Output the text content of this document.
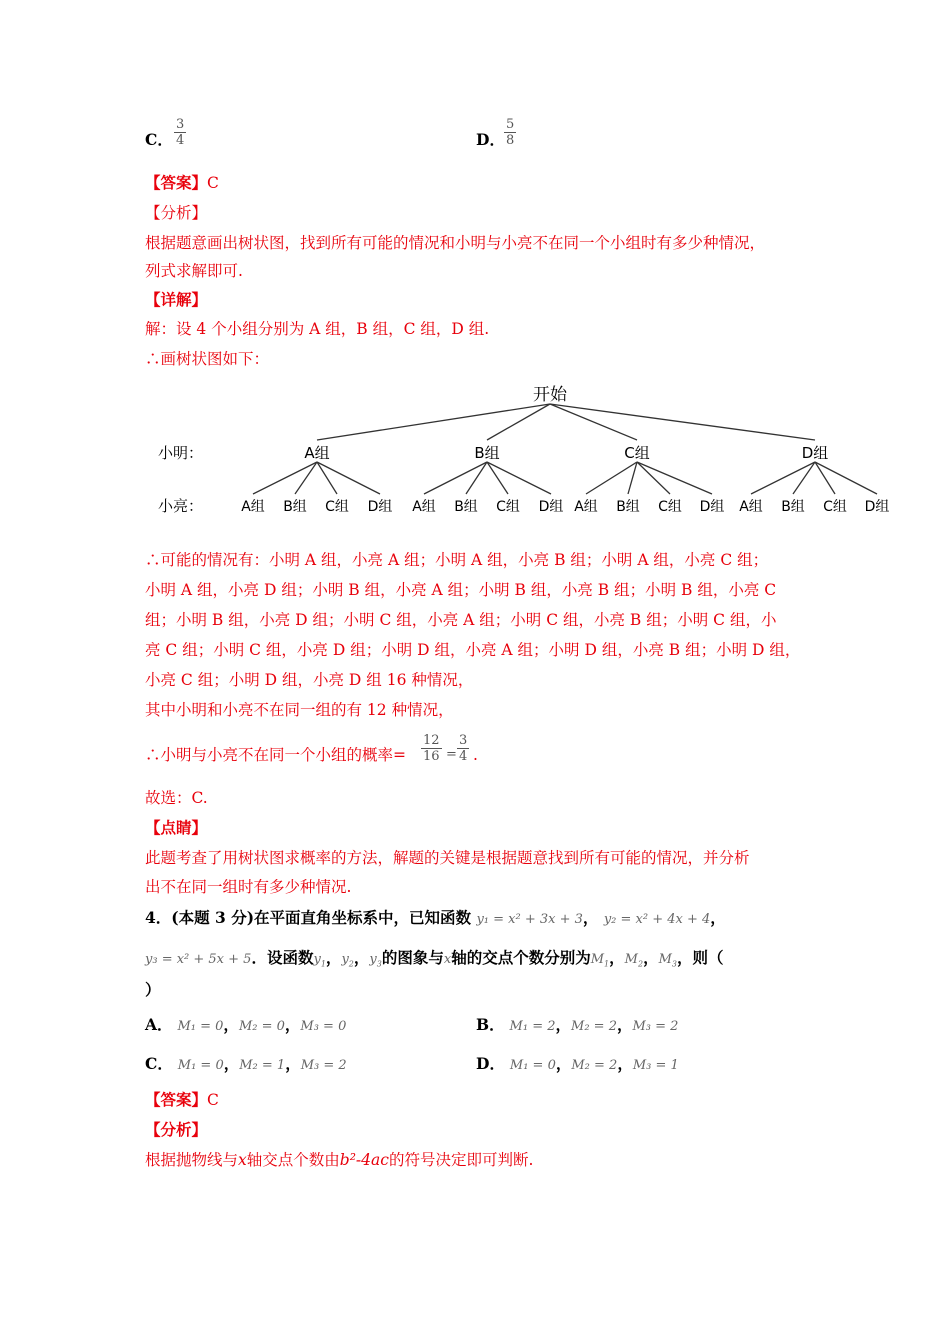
C． $\frac{3}{4}$	D． $\frac{5}{8}$
【答案】C
【分析】
根据题意画出树状图，找到所有可能的情况和小明与小亮不在同一个小组时有多少种情况，
列式求解即可.
【详解】
解：设 4 个小组分别为 A 组，B 组，C 组，D 组.
∴画树状图如下：
开始
小明：
小亮：
A组	B组	C组	D组
A组 B组 C组 D组 A组 B组 C组 D组 A组 B组 C组 D组 A组 B组 C组 D组
∴可能的情况有：小明 A 组，小亮 A 组；小明 A 组，小亮 B 组；小明 A 组，小亮 C 组；
小明 A 组，小亮 D 组；小明 B 组，小亮 A 组；小明 B 组，小亮 B 组；小明 B 组，小亮 C
组；小明 B 组，小亮 D 组；小明 C 组，小亮 A 组；小明 C 组，小亮 B 组；小明 C 组，小
亮 C 组；小明 C 组，小亮 D 组；小明 D 组，小亮 A 组；小明 D 组，小亮 B 组；小明 D 组，
小亮 C 组；小明 D 组，小亮 D 组 16 种情况，
其中小明和小亮不在同一组的有 12 种情况，
∴小明与小亮不在同一个小组的概率= $\frac{12}{16} = \frac{3}{4}$ .
故选：C.
【点睛】
此题考查了用树状图求概率的方法，解题的关键是根据题意找到所有可能的情况，并分析
出不在同一组时有多少种情况.
4．(本题 3 分)在平面直角坐标系中，已知函数 y₁ = x² + 3x + 3， y₂ = x² + 4x + 4，
y₃ = x² + 5x + 5．设函数$y_1$，$y_2$，$y_3$的图象与x轴的交点个数分别为$M_1$，$M_2$，$M_3$，则（
）
A． M₁ = 0，M₂ = 0，M₃ = 0	B． M₁ = 2，M₂ = 2，M₃ = 2
C． M₁ = 0，M₂ = 1，M₃ = 2	D． M₁ = 0，M₂ = 2，M₃ = 1
【答案】C
【分析】
根据抛物线与x轴交点个数由b²-4ac的符号决定即可判断.
